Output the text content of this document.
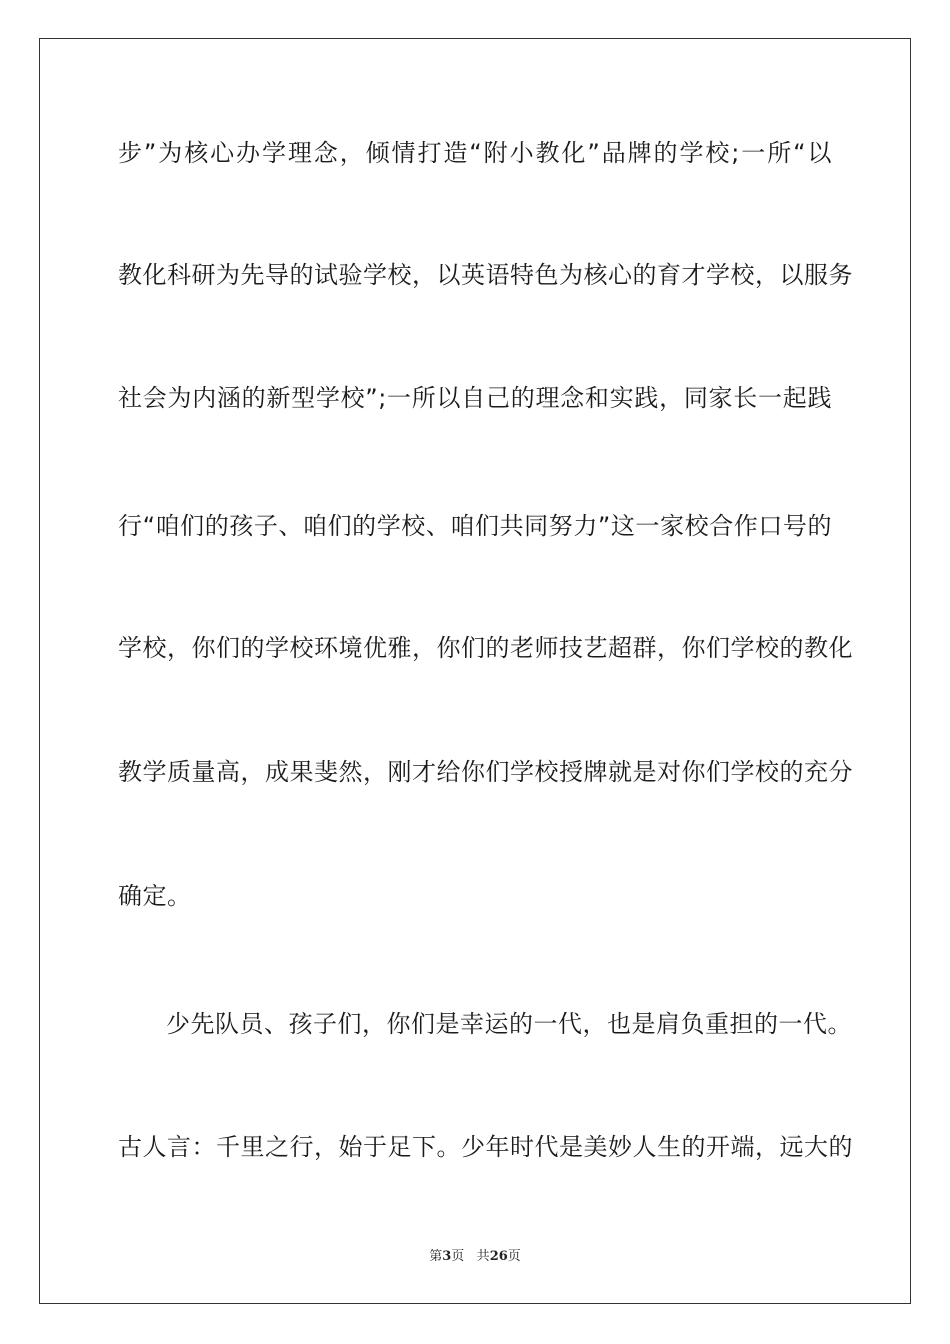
步”为核心办学理念，倾情打造“附小教化”品牌的学校;一所“以
教化科研为先导的试验学校，以英语特色为核心的育才学校，以服务
社会为内涵的新型学校”;一所以自己的理念和实践，同家长一起践
行“咱们的孩子、咱们的学校、咱们共同努力”这一家校合作口号的
学校，你们的学校环境优雅，你们的老师技艺超群，你们学校的教化
教学质量高，成果斐然，刚才给你们学校授牌就是对你们学校的充分
确定。
少先队员、孩子们，你们是幸运的一代，也是肩负重担的一代。
古人言：千里之行，始于足下。少年时代是美妙人生的开端，远大的
第3页 共26页
